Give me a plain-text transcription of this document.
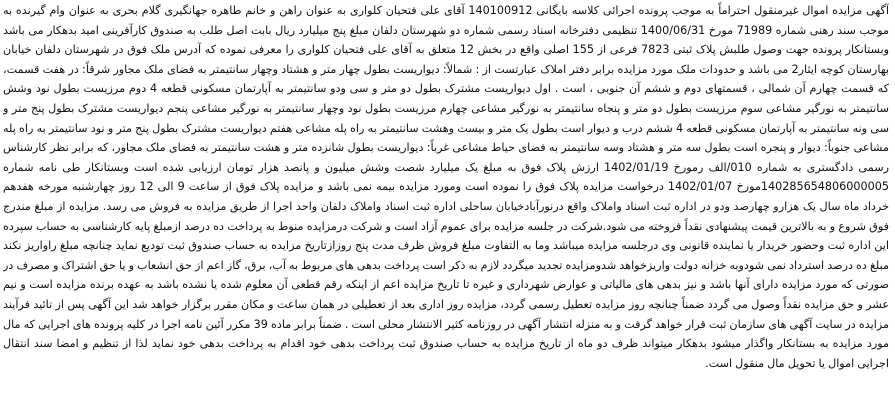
آگهی مزایده اموال غیرمنقول احتراماً به موجب پرونده اجرائی کلاسه بایگانی 140100912 آقای علی فتحیان کلواری به عنوان راهن و خانم طاهره جهانگیری گلام بحری به عنوان وام گیرنده به موجب سند رهنی شماره 71989 مورخ 1400/06/31 تنظیمی دفترخانه اسناد رسمی شماره دو شهرستان دلفان مبلغ پنج میلیارد ریال بابت اصل طلب به صندوق کارآفرینی امید بدهکار می باشد وبستانکار پرونده جهت وصول طلبش پلاک ثبتی 7823 فرعی از 155 اصلی واقع در بخش 12 متعلق به آقای علی فتحیان کلواری را معرفی نموده که آدرس ملک فوق در شهرستان دلفان خیابان بهارستان کوچه ایثار2 می باشد و حدودات ملک مورد مزایده برابر دفتر املاک عبارتست از : شمالاً: دیواریست بطول چهار متر و هشتاد وچهار سانتیمتر به فضای ملک مجاور شرقاً: در هفت قسمت، که قسمت چهارم آن شمالی ، قسمتهای دوم و ششم آن جنوبی ، است . اول دیواریست مشترک بطول دو متر و سی ودو سانتیمتر به آپارتمان مسکونی قطعه 4 دوم مرزیست بطول نود وشش سانتیمتر به نورگیر مشاعی سوم مرزیست بطول دو متر و پنجاه سانتیمتر به نورگیر مشاعی چهارم مرزیست بطول نود وچهار سانتیمتر به نورگیر مشاعی پنجم دیواریست مشترک بطول پنج متر و سی ونه سانتیمتر به آپارتمان مسکونی قطعه 4 ششم درب و دیوار است بطول یک متر و بیست وهشت سانتیمتر به راه پله مشاعی هفتم دیواریست مشترک بطول پنج متر و نود سانتیمتر به راه پله مشاعی جنوباً: دیوار و پنجره است بطول سه متر و هشتاد وسه سانتیمتر به فضای حیاط مشاعی غرباً: دیواریست بطول شانزده متر و هشت سانتیمتر به فضای ملک مجاور، که برابر نظر کارشناس رسمی دادگستری به شماره 010/الف رمورخ 1402/01/19 ارزش پلاک فوق به مبلغ یک میلیارد شصت وشش میلیون و پانصد هزار تومان ارزیابی شده است وبستانکار طی نامه شماره 140285654806000005مورخ 1402/01/07 درخواست مزایده پلاک فوق را نموده است ومورد مزایده بیمه نمی باشد و مزایده پلاک فوق از ساعت 9 الی 12 روز چهارشنبه مورخه هفدهم خرداد ماه سال یک هزارو چهارصد ودو در اداره ثبت اسناد واملاک واقع درنورآبادخیابان ساحلی اداره ثبت اسناد واملاک دلفان واحد اجرا از طریق مزایده به فروش می رسد. مزایده از مبلغ مندرج فوق شروع و به بالاترین قیمت پیشنهادی نقداً فروخته می شود.شرکت در جلسه مزایده برای عموم آزاد است و شرکت درمزایده منوط به پرداخت ده درصد ازمبلغ پایه کارشناسی به حساب سپرده این اداره ثبت وحضور خریدار یا نماینده قانونی وی درجلسه مزایده میباشد وما به التفاوت مبلغ فروش ظرف مدت پنج روزازتاریخ مزایده به حساب صندوق ثبت تودیع نماید چنانچه مبلغ راواریز نکند مبلغ ده درصد استرداد نمی شودوبه خزانه دولت واریزخواهد شدومزایده تجدید میگردد لازم به ذکر است پرداخت بدهی های مربوط به آب، برق، گاز اعم از حق انشعاب و یا حق اشتراک و مصرف در صورتی که مورد مزایده دارای آنها باشد و نیز بدهی های مالیاتی و عوارض شهرداری و غیره تا تاریخ مزایده اعم از اینکه رقم قطعی آن معلوم شده یا نشده باشد به عهده برنده مزایده است و نیم عشر و حق مزایده نقداً وصول می گردد ضمناً چنانچه روز مزایده تعطیل رسمی گردد، مزایده روز اداری بعد از تعطیلی در همان ساعت و مکان مقرر برگزار خواهد شد این آگهی پس از تائید فرآیند مزایده در سایت آگهی های سازمان ثبت قرار خواهد گرفت و به منزله انتشار آگهی در روزنامه کثیر الانتشار محلی است . ضمناً برابر ماده 39 مکرر آئین نامه اجرا در کلیه پرونده های اجرایی که مال مورد مزایده به بستانکار واگذار میشود بدهکار میتواند ظرف دو ماه از تاریخ مزایده به حساب صندوق ثبت پرداخت بدهی خود اقدام به پرداخت بدهی خود نماید لذا از تنظیم و امضا سند انتقال اجرایی اموال یا تحویل مال منقول است.
